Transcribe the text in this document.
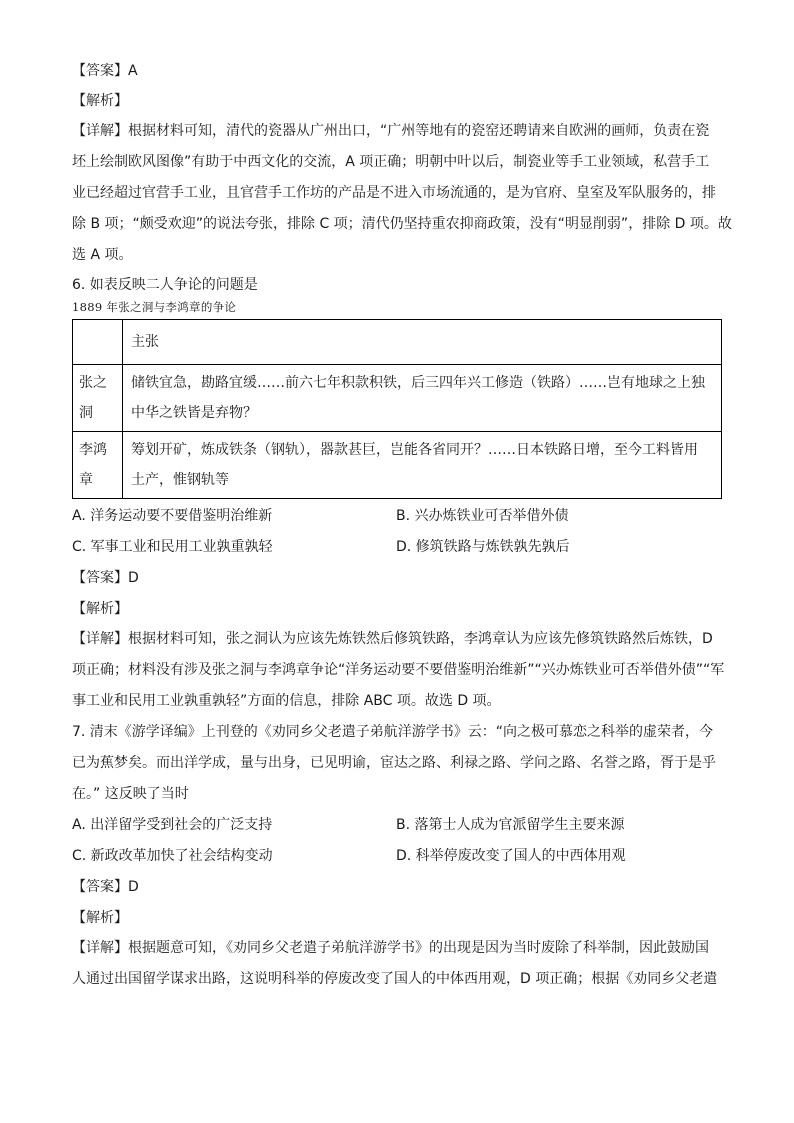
【答案】A

【解析】

【详解】根据材料可知，清代的瓷器从广州出口，“广州等地有的瓷窑还聘请来自欧洲的画师，负责在瓷
坯上绘制欧风图像”有助于中西文化的交流，A 项正确；明朝中叶以后，制瓷业等手工业领域，私营手工
业已经超过官营手工业，且官营手工作坊的产品是不进入市场流通的，是为官府、皇室及军队服务的，排
除 B 项；“颇受欢迎”的说法夸张，排除 C 项；清代仍坚持重农抑商政策，没有“明显削弱”，排除 D 项。故
选 A 项。

6. 如表反映二人争论的问题是

1889 年张之洞与李鸿章的争论

	主张
张之
洞	储铁宜急，勘路宜缓……前六七年积款积铁，后三四年兴工修造（铁路）……岂有地球之上独
中华之铁皆是弃物？
李鸿
章	筹划开矿，炼成铁条（钢轨），器款甚巨，岂能各省同开？……日本铁路日增，至今工料皆用
土产，惟钢轨等
A. 洋务运动要不要借鉴明治维新	B. 兴办炼铁业可否举借外债
C. 军事工业和民用工业孰重孰轻	D. 修筑铁路与炼铁孰先孰后

【答案】D

【解析】

【详解】根据材料可知，张之洞认为应该先炼铁然后修筑铁路，李鸿章认为应该先修筑铁路然后炼铁，D
项正确；材料没有涉及张之洞与李鸿章争论“洋务运动要不要借鉴明治维新”“兴办炼铁业可否举借外债”“军
事工业和民用工业孰重孰轻”方面的信息，排除 ABC 项。故选 D 项。

7. 清末《游学译编》上刊登的《劝同乡父老遣子弟航洋游学书》云：“向之极可慕恋之科举的虚荣者，今
已为蕉梦矣。而出洋学成，量与出身，已见明谕，宦达之路、利禄之路、学问之路、名誉之路，胥于是乎
在。” 这反映了当时

A. 出洋留学受到社会的广泛支持	B. 落第士人成为官派留学生主要来源
C. 新政改革加快了社会结构变动	D. 科举停废改变了国人的中西体用观

【答案】D

【解析】

【详解】根据题意可知，《劝同乡父老遣子弟航洋游学书》的出现是因为当时废除了科举制，因此鼓励国
人通过出国留学谋求出路，这说明科举的停废改变了国人的中体西用观，D 项正确；根据《劝同乡父老遣
